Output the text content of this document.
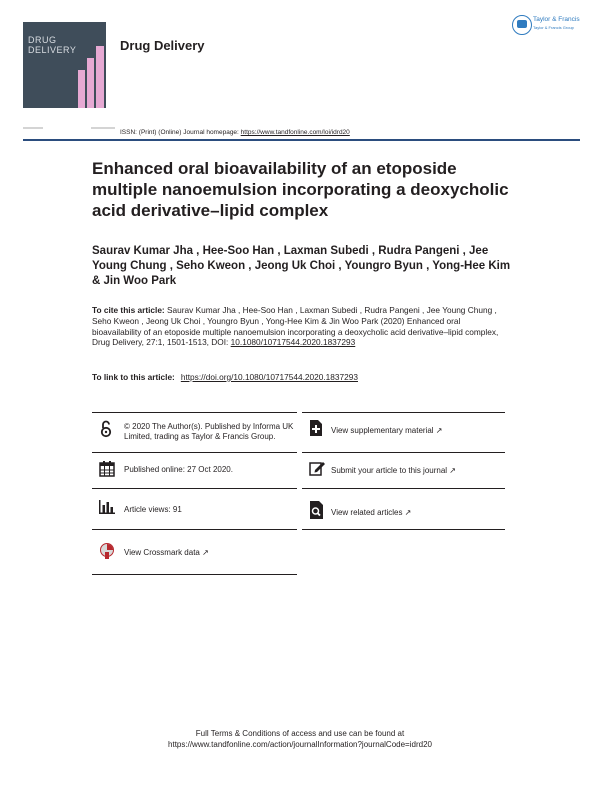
DRUG
DELIVERY	Drug Delivery
Taylor & Francis
Taylor & Francis Group
ISSN: (Print) (Online) Journal homepage: https://www.tandfonline.com/loi/idrd20
Enhanced oral bioavailability of an etoposide multiple nanoemulsion incorporating a deoxycholic acid derivative–lipid complex
Saurav Kumar Jha , Hee-Soo Han , Laxman Subedi , Rudra Pangeni , Jee Young Chung , Seho Kweon , Jeong Uk Choi , Youngro Byun , Yong-Hee Kim & Jin Woo Park
To cite this article: Saurav Kumar Jha , Hee-Soo Han , Laxman Subedi , Rudra Pangeni , Jee Young Chung , Seho Kweon , Jeong Uk Choi , Youngro Byun , Yong-Hee Kim & Jin Woo Park (2020) Enhanced oral bioavailability of an etoposide multiple nanoemulsion incorporating a deoxycholic acid derivative–lipid complex, Drug Delivery, 27:1, 1501-1513, DOI: 10.1080/10717544.2020.1837293
To link to this article: https://doi.org/10.1080/10717544.2020.1837293
© 2020 The Author(s). Published by Informa UK Limited, trading as Taylor & Francis Group.
View supplementary material ↗
Published online: 27 Oct 2020.	Submit your article to this journal ↗
Article views: 91	View related articles ↗
View Crossmark data ↗
Full Terms & Conditions of access and use can be found at
https://www.tandfonline.com/action/journalInformation?journalCode=idrd20
